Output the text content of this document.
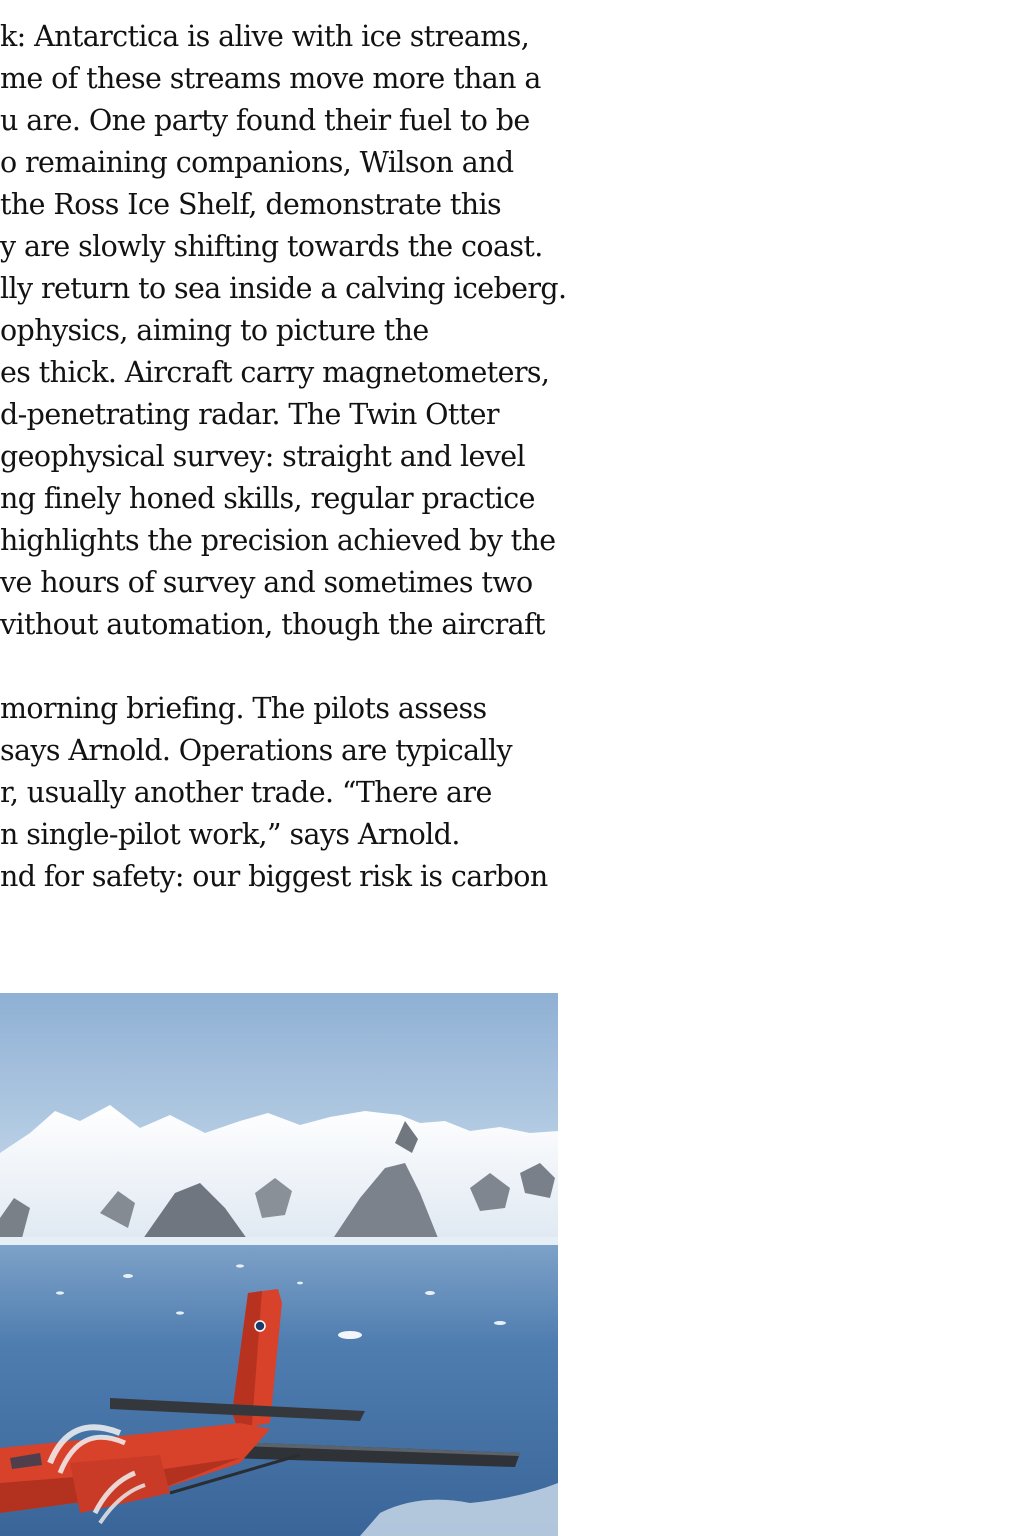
k: Antarctica is alive with ice streams,
me of these streams move more than a
u are. One party found their fuel to be
o remaining companions, Wilson and
the Ross Ice Shelf, demonstrate this
y are slowly shifting towards the coast.
lly return to sea inside a calving iceberg.
ophysics, aiming to picture the
es thick. Aircraft carry magnetometers,
d-penetrating radar. The Twin Otter
geophysical survey: straight and level
ng finely honed skills, regular practice
highlights the precision achieved by the
ve hours of survey and sometimes two
vithout automation, though the aircraft
morning briefing. The pilots assess
says Arnold. Operations are typically
r, usually another trade. “There are
n single-pilot work,” says Arnold.
nd for safety: our biggest risk is carbon
